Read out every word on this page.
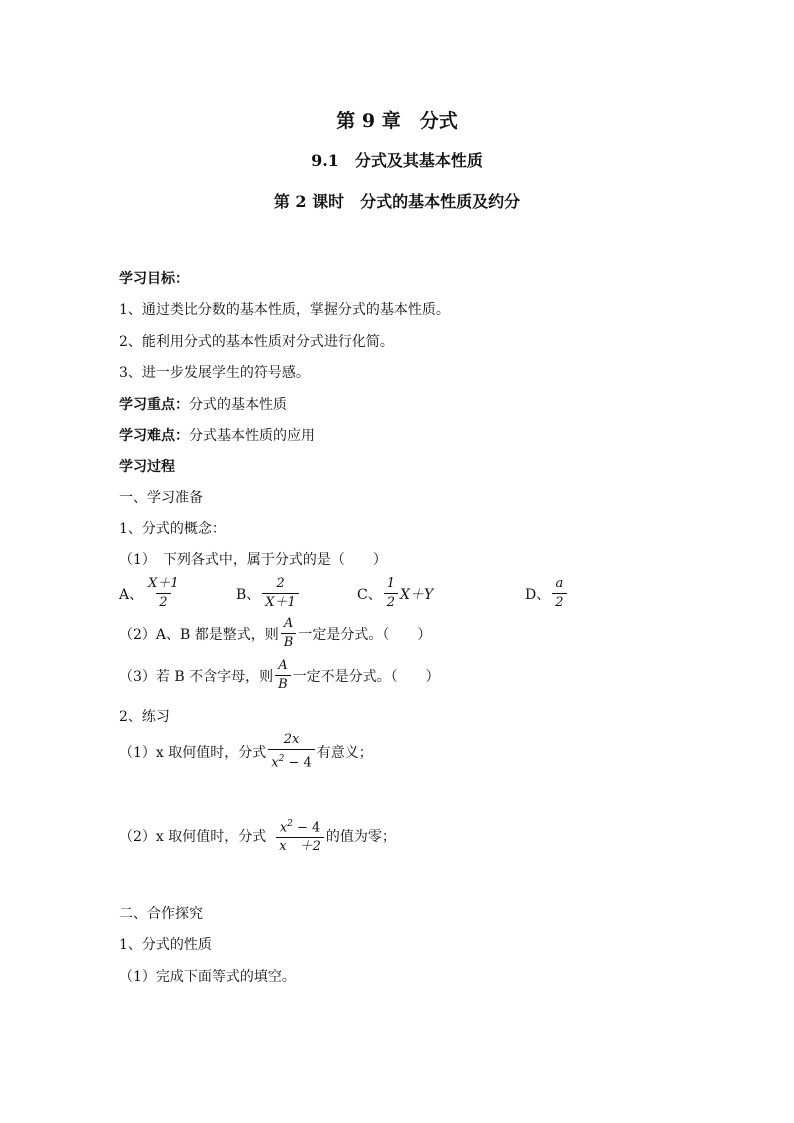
第 9 章　分式
9.1　分式及其基本性质
第 2 课时　分式的基本性质及约分
学习目标：
1、通过类比分数的基本性质，掌握分式的基本性质。
2、能利用分式的基本性质对分式进行化简。
3、进一步发展学生的符号感。
学习重点：分式的基本性质
学习难点：分式基本性质的应用
学习过程
一、学习准备
1、分式的概念：
（1）　下列各式中，属于分式的是（　　）
A、 $\frac{X+1}{2}$	B、 $\frac{2}{X+1}$	C、 $\frac{1}{2} X+Y$	D、 $\frac{a}{2}$
（2）A、B 都是整式，则 $\frac{A}{B}$ 一定是分式。（　　）
（3）若 B 不含字母，则 $\frac{A}{B}$ 一定不是分式。（　　）
2、练习
（1）x 取何值时，分式 $\frac{2x}{x^2 - 4}$ 有意义；
（2）x 取何值时，分式 $\frac{x^2 - 4}{x +2}$ 的值为零；
二、合作探究
1、分式的性质
（1）完成下面等式的填空。
